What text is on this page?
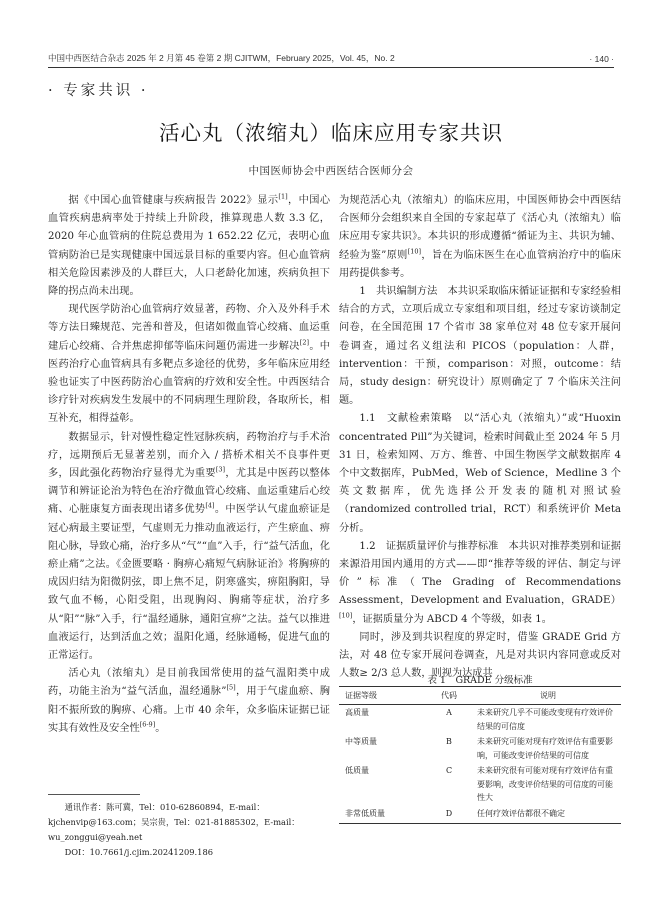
中国中西医结合杂志 2025 年 2 月第 45 卷第 2 期 CJITWM，February 2025，Vol. 45，No. 2	· 140 ·
· 专家共识 ·
活心丸（浓缩丸）临床应用专家共识
中国医师协会中西医结合医师分会

据《中国心血管健康与疾病报告 2022》显示[1]，中国心血管疾病患病率处于持续上升阶段，推算现患人数 3.3 亿，2020 年心血管病的住院总费用为 1 652.22 亿元，表明心血管病防治已是实现健康中国远景目标的重要内容。但心血管病相关危险因素涉及的人群巨大，人口老龄化加速，疾病负担下降的拐点尚未出现。

现代医学防治心血管病疗效显著，药物、介入及外科手术等方法日臻规范、完善和普及，但诸如微血管心绞痛、血运重建后心绞痛、合并焦虑抑郁等临床问题仍需进一步解决[2]。中医药治疗心血管病具有多靶点多途径的优势，多年临床应用经验也证实了中医药防治心血管病的疗效和安全性。中西医结合诊疗针对疾病发生发展中的不同病理生理阶段，各取所长，相互补充，相得益彰。

数据显示，针对慢性稳定性冠脉疾病，药物治疗与手术治疗，远期预后无显著差别，而介入 / 搭桥术相关不良事件更多，因此强化药物治疗显得尤为重要[3]，尤其是中医药以整体调节和辨证论治为特色在治疗微血管心绞痛、血运重建后心绞痛、心脏康复方面表现出诸多优势[4]。中医学认气虚血瘀证是冠心病最主要证型，气虚则无力推动血液运行，产生瘀血、痹阻心脉，导致心痛，治疗多从“气”“血”入手，行“益气活血，化瘀止痛”之法。《金匮要略 · 胸痹心痛短气病脉证治》将胸痹的成因归结为阳微阴弦，即上焦不足，阴寒盛实，痹阻胸阳，导致气血不畅，心阳受阻，出现胸闷、胸痛等症状，治疗多从“阳”“脉”入手，行“温经通脉，通阳宣痹”之法。益气以推进血液运行，达到活血之效；温阳化通，经脉通畅，促进气血的正常运行。

活心丸（浓缩丸）是目前我国常使用的益气温阳类中成药，功能主治为“益气活血，温经通脉”[5]，用于气虚血瘀、胸阳不振所致的胸痹、心痛。上市 40 余年，众多临床证据已证实其有效性及安全性[6-9]。

为规范活心丸（浓缩丸）的临床应用，中国医师协会中西医结合医师分会组织来自全国的专家起草了《活心丸（浓缩丸）临床应用专家共识》。本共识的形成遵循“循证为主、共识为辅、经验为鉴”原则[10]，旨在为临床医生在心血管病治疗中的临床用药提供参考。

1　共识编制方法　本共识采取临床循证证据和专家经验相结合的方式，立项后成立专家组和项目组，经过专家访谈制定问卷，在全国范围 17 个省市 38 家单位对 48 位专家开展问卷调查，通过名义组法和 PICOS（population：人群，intervention：干预，comparison：对照，outcome：结局，study design：研究设计）原则确定了 7 个临床关注问题。

1.1　文献检索策略　以“活心丸（浓缩丸）”或“Huoxin concentrated Pill”为关键词，检索时间截止至 2024 年 5 月 31 日，检索知网、万方、维普、中国生物医学文献数据库 4 个中文数据库，PubMed，Web of Science，Medline 3 个英文数据库，优先选择公开发表的随机对照试验（randomized controlled trial，RCT）和系统评价 Meta 分析。

1.2　证据质量评价与推荐标准　本共识对推荐类别和证据来源沿用国内通用的方式——即“推荐等级的评估、制定与评价”标准（The Grading of Recommendations Assessment，Development and Evaluation，GRADE）[10]，证据质量分为 ABCD 4 个等级，如表 1。

同时，涉及到共识程度的界定时，借鉴 GRADE Grid 方法，对 48 位专家开展问卷调查，凡是对共识内容同意或反对人数≥ 2/3 总人数，则视为达成共

表 1　GRADE 分级标准
证据等级	代码	说明
高质量	A	未来研究几乎不可能改变现有疗效评价结果的可信度
中等质量	B	未来研究可能对现有疗效评估有重要影响，可能改变评价结果的可信度
低质量	C	未来研究很有可能对现有疗效评估有重要影响，改变评价结果的可信度的可能性大
非常低质量	D	任何疗效评估都很不确定

通讯作者：陈可冀，Tel：010-62860894，E-mail：kjchenvip@163.com；吴宗贵，Tel：021-81885302，E-mail：wu_zonggui@yeah.net

DOI：10.7661/j.cjim.20241209.186
